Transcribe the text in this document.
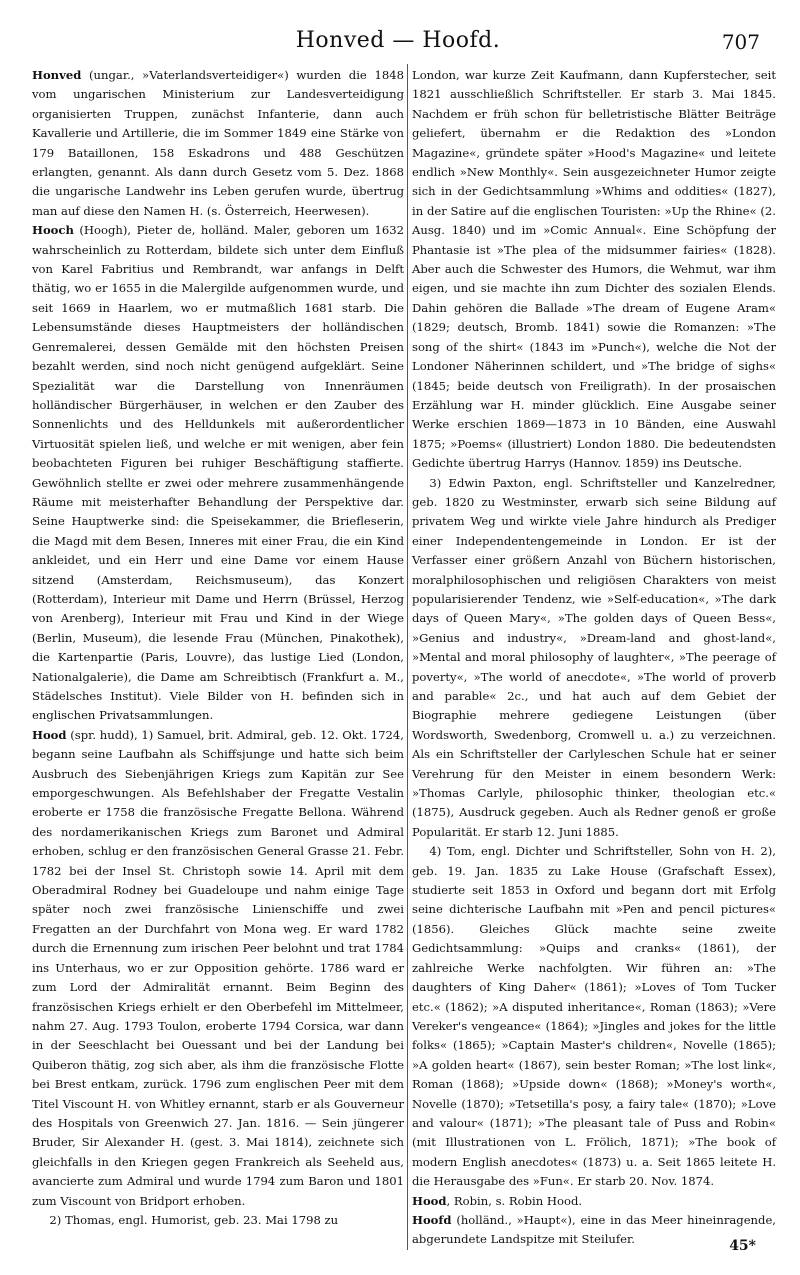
Honved — Hoofd.	707

Honved (ungar., »Vaterlandsverteidiger«) wurden die 1848 vom ungarischen Ministerium zur Landesverteidigung organisierten Truppen, zunächst Infanterie, dann auch Kavallerie und Artillerie, die im Sommer 1849 eine Stärke von 179 Bataillonen, 158 Eskadrons und 488 Geschützen erlangten, genannt. Als dann durch Gesetz vom 5. Dez. 1868 die ungarische Landwehr ins Leben gerufen wurde, übertrug man auf diese den Namen H. (s. Österreich, Heerwesen).

Hooch (Hoogh), Pieter de, holländ. Maler, geboren um 1632 wahrscheinlich zu Rotterdam, bildete sich unter dem Einfluß von Karel Fabritius und Rembrandt, war anfangs in Delft thätig, wo er 1655 in die Malergilde aufgenommen wurde, und seit 1669 in Haarlem, wo er mutmaßlich 1681 starb. Die Lebensumstände dieses Hauptmeisters der holländischen Genremalerei, dessen Gemälde mit den höchsten Preisen bezahlt werden, sind noch nicht genügend aufgeklärt. Seine Spezialität war die Darstellung von Innenräumen holländischer Bürgerhäuser, in welchen er den Zauber des Sonnenlichts und des Helldunkels mit außerordentlicher Virtuosität spielen ließ, und welche er mit wenigen, aber fein beobachteten Figuren bei ruhiger Beschäftigung staffierte. Gewöhnlich stellte er zwei oder mehrere zusammenhängende Räume mit meisterhafter Behandlung der Perspektive dar. Seine Hauptwerke sind: die Speisekammer, die Briefleserin, die Magd mit dem Besen, Inneres mit einer Frau, die ein Kind ankleidet, und ein Herr und eine Dame vor einem Hause sitzend (Amsterdam, Reichsmuseum), das Konzert (Rotterdam), Interieur mit Dame und Herrn (Brüssel, Herzog von Arenberg), Interieur mit Frau und Kind in der Wiege (Berlin, Museum), die lesende Frau (München, Pinakothek), die Kartenpartie (Paris, Louvre), das lustige Lied (London, Nationalgalerie), die Dame am Schreibtisch (Frankfurt a. M., Städelsches Institut). Viele Bilder von H. befinden sich in englischen Privatsammlungen.

Hood (spr. hudd), 1) Samuel, brit. Admiral, geb. 12. Okt. 1724, begann seine Laufbahn als Schiffsjunge und hatte sich beim Ausbruch des Siebenjährigen Kriegs zum Kapitän zur See emporgeschwungen. Als Befehlshaber der Fregatte Vestalin eroberte er 1758 die französische Fregatte Bellona. Während des nordamerikanischen Kriegs zum Baronet und Admiral erhoben, schlug er den französischen General Grasse 21. Febr. 1782 bei der Insel St. Christoph sowie 14. April mit dem Oberadmiral Rodney bei Guadeloupe und nahm einige Tage später noch zwei französische Linienschiffe und zwei Fregatten an der Durchfahrt von Mona weg. Er ward 1782 durch die Ernennung zum irischen Peer belohnt und trat 1784 ins Unterhaus, wo er zur Opposition gehörte. 1786 ward er zum Lord der Admiralität ernannt. Beim Beginn des französischen Kriegs erhielt er den Oberbefehl im Mittelmeer, nahm 27. Aug. 1793 Toulon, eroberte 1794 Corsica, war dann in der Seeschlacht bei Ouessant und bei der Landung bei Quiberon thätig, zog sich aber, als ihm die französische Flotte bei Brest entkam, zurück. 1796 zum englischen Peer mit dem Titel Viscount H. von Whitley ernannt, starb er als Gouverneur des Hospitals von Greenwich 27. Jan. 1816. — Sein jüngerer Bruder, Sir Alexander H. (gest. 3. Mai 1814), zeichnete sich gleichfalls in den Kriegen gegen Frankreich als Seeheld aus, avancierte zum Admiral und wurde 1794 zum Baron und 1801 zum Viscount von Bridport erhoben.

2) Thomas, engl. Humorist, geb. 23. Mai 1798 zu

London, war kurze Zeit Kaufmann, dann Kupferstecher, seit 1821 ausschließlich Schriftsteller. Er starb 3. Mai 1845. Nachdem er früh schon für belletristische Blätter Beiträge geliefert, übernahm er die Redaktion des »London Magazine«, gründete später »Hood's Magazine« und leitete endlich »New Monthly«. Sein ausgezeichneter Humor zeigte sich in der Gedichtsammlung »Whims and oddities« (1827), in der Satire auf die englischen Touristen: »Up the Rhine« (2. Ausg. 1840) und im »Comic Annual«. Eine Schöpfung der Phantasie ist »The plea of the midsummer fairies« (1828). Aber auch die Schwester des Humors, die Wehmut, war ihm eigen, und sie machte ihn zum Dichter des sozialen Elends. Dahin gehören die Ballade »The dream of Eugene Aram« (1829; deutsch, Bromb. 1841) sowie die Romanzen: »The song of the shirt« (1843 im »Punch«), welche die Not der Londoner Näherinnen schildert, und »The bridge of sighs« (1845; beide deutsch von Freiligrath). In der prosaischen Erzählung war H. minder glücklich. Eine Ausgabe seiner Werke erschien 1869—1873 in 10 Bänden, eine Auswahl 1875; »Poems« (illustriert) London 1880. Die bedeutendsten Gedichte übertrug Harrys (Hannov. 1859) ins Deutsche.

3) Edwin Paxton, engl. Schriftsteller und Kanzelredner, geb. 1820 zu Westminster, erwarb sich seine Bildung auf privatem Weg und wirkte viele Jahre hindurch als Prediger einer Independentengemeinde in London. Er ist der Verfasser einer größern Anzahl von Büchern historischen, moralphilosophischen und religiösen Charakters von meist popularisierender Tendenz, wie »Self-education«, »The dark days of Queen Mary«, »The golden days of Queen Bess«, »Genius and industry«, »Dream-land and ghost-land«, »Mental and moral philosophy of laughter«, »The peerage of poverty«, »The world of anecdote«, »The world of proverb and parable« 2c., und hat auch auf dem Gebiet der Biographie mehrere gediegene Leistungen (über Wordsworth, Swedenborg, Cromwell u. a.) zu verzeichnen. Als ein Schriftsteller der Carlyleschen Schule hat er seiner Verehrung für den Meister in einem besondern Werk: »Thomas Carlyle, philosophic thinker, theologian etc.« (1875), Ausdruck gegeben. Auch als Redner genoß er große Popularität. Er starb 12. Juni 1885.

4) Tom, engl. Dichter und Schriftsteller, Sohn von H. 2), geb. 19. Jan. 1835 zu Lake House (Grafschaft Essex), studierte seit 1853 in Oxford und begann dort mit Erfolg seine dichterische Laufbahn mit »Pen and pencil pictures« (1856). Gleiches Glück machte seine zweite Gedichtsammlung: »Quips and cranks« (1861), der zahlreiche Werke nachfolgten. Wir führen an: »The daughters of King Daher« (1861); »Loves of Tom Tucker etc.« (1862); »A disputed inheritance«, Roman (1863); »Vere Vereker's vengeance« (1864); »Jingles and jokes for the little folks« (1865); »Captain Master's children«, Novelle (1865); »A golden heart« (1867), sein bester Roman; »The lost link«, Roman (1868); »Upside down« (1868); »Money's worth«, Novelle (1870); »Tetsetilla's posy, a fairy tale« (1870); »Love and valour« (1871); »The pleasant tale of Puss and Robin« (mit Illustrationen von L. Frölich, 1871); »The book of modern English anecdotes« (1873) u. a. Seit 1865 leitete H. die Herausgabe des »Fun«. Er starb 20. Nov. 1874.

Hood, Robin, s. Robin Hood.

Hoofd (holländ., »Haupt«), eine in das Meer hineinragende, abgerundete Landspitze mit Steilufer.	45*
